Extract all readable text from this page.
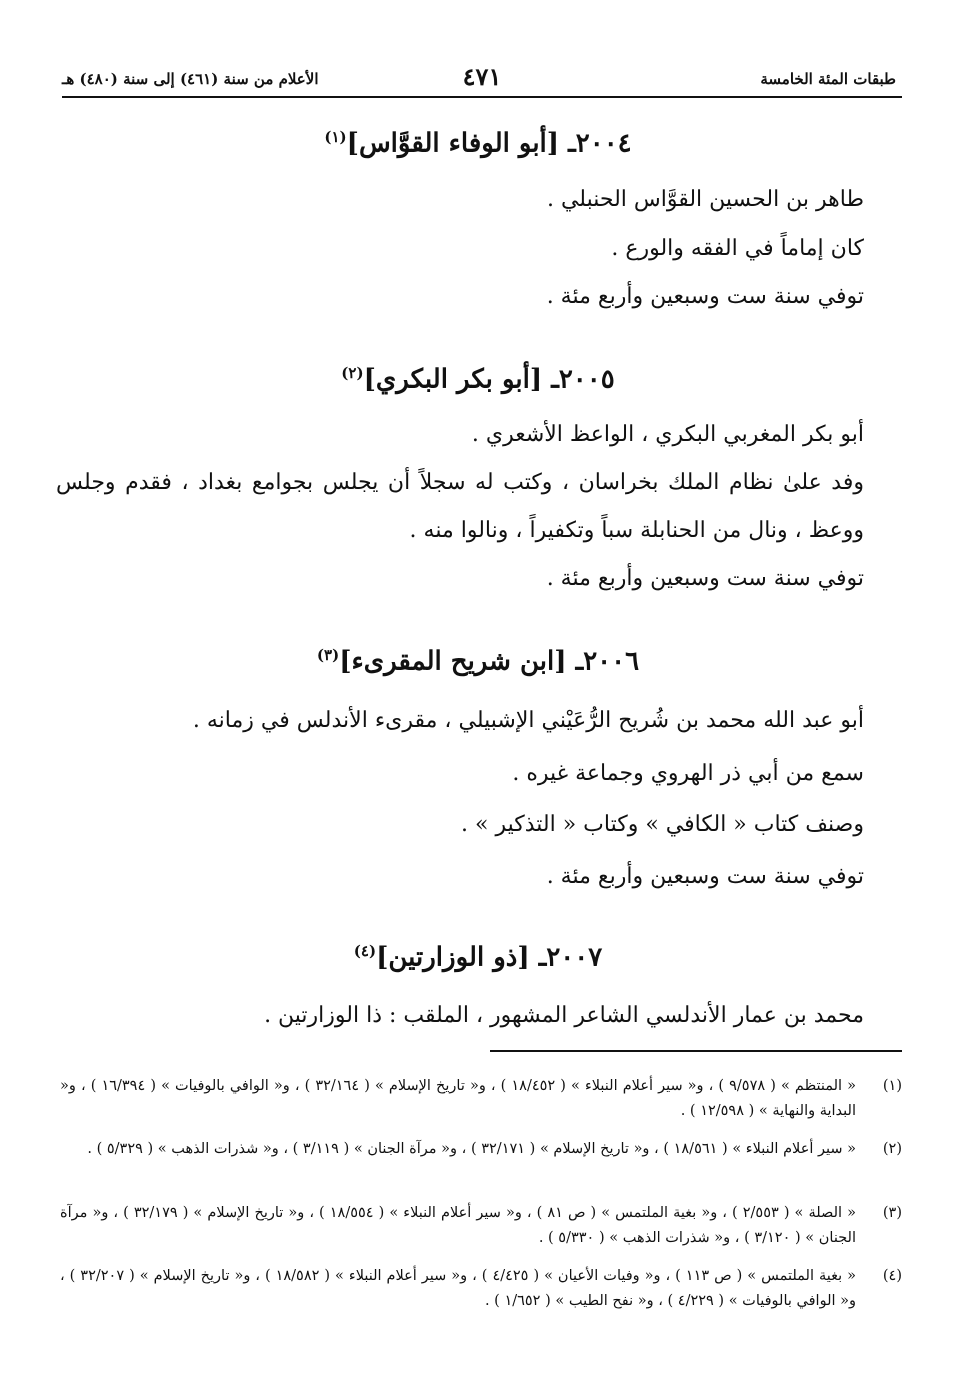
طبقات المئة الخامسة
٤٧١
الأعلام من سنة (٤٦١) إلى سنة (٤٨٠) هـ
٢٠٠٤ـ [أبو الوفاء القوَّاس]$^{(١)}$

طاهر بن الحسين القوَّاس الحنبلي .

كان إماماً في الفقه والورع .

توفي سنة ست وسبعين وأربع مئة .

٢٠٠٥ـ [أبو بكر البكري]$^{(٢)}$

أبو بكر المغربي البكري ، الواعظ الأشعري .

وفد علىٰ نظام الملك بخراسان ، وكتب له سجلاً أن يجلس بجوامع بغداد ، فقدم وجلس ووعظ ، ونال من الحنابلة سباً وتكفيراً ، ونالوا منه .

توفي سنة ست وسبعين وأربع مئة .

٢٠٠٦ـ [ابن شريح المقرىء]$^{(٣)}$

أبو عبد الله محمد بن شُريح الرُّعَيْني الإشبيلي ، مقرىء الأندلس في زمانه .

سمع من أبي ذر الهروي وجماعة غيره .

وصنف كتاب « الكافي » وكتاب « التذكير » .

توفي سنة ست وسبعين وأربع مئة .

٢٠٠٧ـ [ذو الوزارتين]$^{(٤)}$

محمد بن عمار الأندلسي الشاعر المشهور ، الملقب : ذا الوزارتين .

(١)
« المنتظم » ( ٩/٥٧٨ ) ، و« سير أعلام النبلاء » ( ١٨/٤٥٢ ) ، و« تاريخ الإسلام » ( ٣٢/١٦٤ ) ، و« الوافي بالوفيات » ( ١٦/٣٩٤ ) ، و« البداية والنهاية » ( ١٢/٥٩٨ ) .
(٢)
« سير أعلام النبلاء » ( ١٨/٥٦١ ) ، و« تاريخ الإسلام » ( ٣٢/١٧١ ) ، و« مرآة الجنان » ( ٣/١١٩ ) ، و« شذرات الذهب » ( ٥/٣٢٩ ) .
(٣)
« الصلة » ( ٢/٥٥٣ ) ، و« بغية الملتمس » ( ص ٨١ ) ، و« سير أعلام النبلاء » ( ١٨/٥٥٤ ) ، و« تاريخ الإسلام » ( ٣٢/١٧٩ ) ، و« مرآة الجنان » ( ٣/١٢٠ ) ، و« شذرات الذهب » ( ٥/٣٣٠ ) .
(٤)
« بغية الملتمس » ( ص ١١٣ ) ، و« وفيات الأعيان » ( ٤/٤٢٥ ) ، و« سير أعلام النبلاء » ( ١٨/٥٨٢ ) ، و« تاريخ الإسلام » ( ٣٢/٢٠٧ ) ، و« الوافي بالوفيات » ( ٤/٢٢٩ ) ، و« نفح الطيب » ( ١/٦٥٢ ) .
